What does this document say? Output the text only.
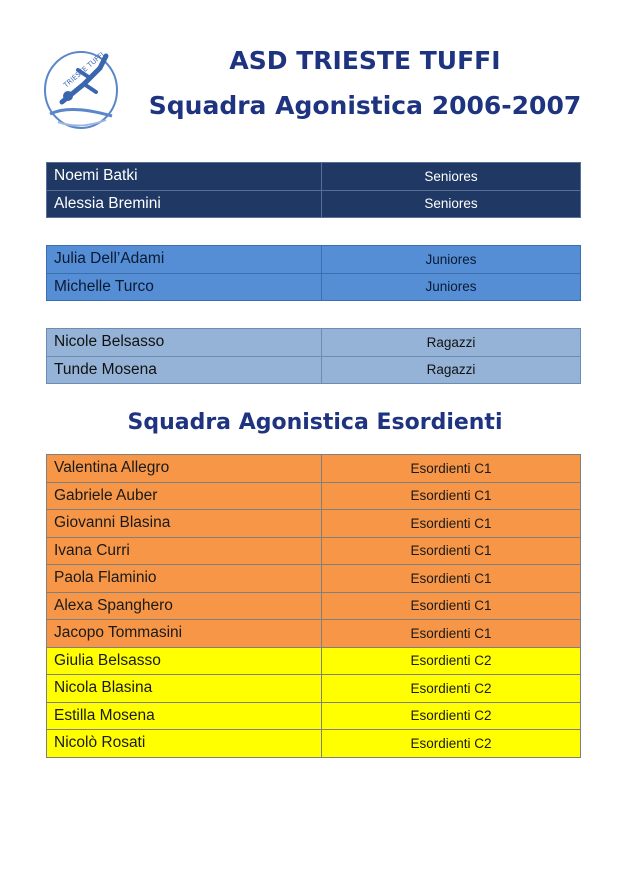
TRIESTE TUFFI	ASD TRIESTE TUFFI
Squadra Agonistica 2006-2007
Noemi Batki	Seniores
Alessia Bremini	Seniores
Julia Dell’Adami	Juniores
Michelle Turco	Juniores
Nicole Belsasso	Ragazzi
Tunde Mosena	Ragazzi
Squadra Agonistica Esordienti
Valentina Allegro	Esordienti C1
Gabriele Auber	Esordienti C1
Giovanni Blasina	Esordienti C1
Ivana Curri	Esordienti C1
Paola Flaminio	Esordienti C1
Alexa Spanghero	Esordienti C1
Jacopo Tommasini	Esordienti C1
Giulia Belsasso	Esordienti C2
Nicola Blasina	Esordienti C2
Estilla Mosena	Esordienti C2
Nicolò Rosati	Esordienti C2
